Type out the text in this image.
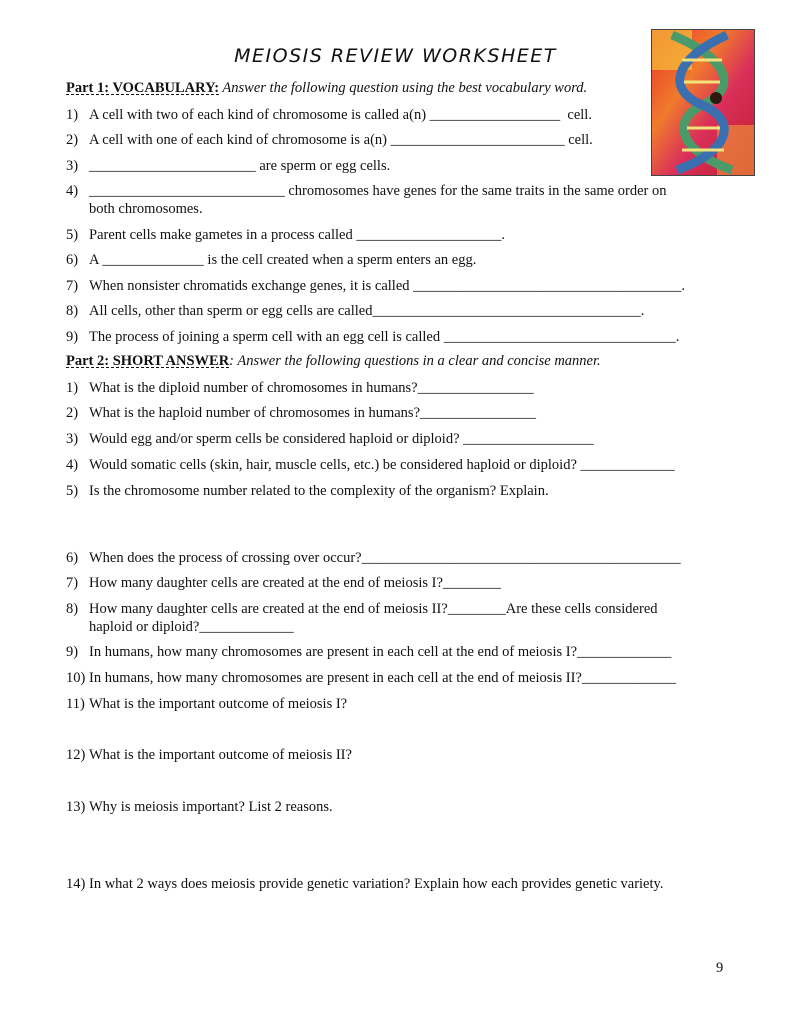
MEIOSIS REVIEW WORKSHEET
Part 1: VOCABULARY: Answer the following question using the best vocabulary word.
1) A cell with two of each kind of chromosome is called a(n) __________________  cell.
2) A cell with one of each kind of chromosome is a(n) ________________________ cell.
3) _______________________ are sperm or egg cells.
4) ___________________________ chromosomes have genes for the same traits in the same order on
both chromosomes.
5) Parent cells make gametes in a process called ____________________.
6) A ______________ is the cell created when a sperm enters an egg.
7) When nonsister chromatids exchange genes, it is called _____________________________________.
8) All cells, other than sperm or egg cells are called_____________________________________.
9) The process of joining a sperm cell with an egg cell is called ________________________________.
Part 2: SHORT ANSWER: Answer the following questions in a clear and concise manner.
1) What is the diploid number of chromosomes in humans?________________
2) What is the haploid number of chromosomes in humans?________________
3) Would egg and/or sperm cells be considered haploid or diploid? __________________
4) Would somatic cells (skin, hair, muscle cells, etc.) be considered haploid or diploid? _____________
5) Is the chromosome number related to the complexity of the organism? Explain.
6) When does the process of crossing over occur?____________________________________________
7) How many daughter cells are created at the end of meiosis I?________
8) How many daughter cells are created at the end of meiosis II?________Are these cells considered
haploid or diploid?_____________
9) In humans, how many chromosomes are present in each cell at the end of meiosis I?_____________
10) In humans, how many chromosomes are present in each cell at the end of meiosis II?_____________
11) What is the important outcome of meiosis I?
12) What is the important outcome of meiosis II?
13) Why is meiosis important? List 2 reasons.
14) In what 2 ways does meiosis provide genetic variation? Explain how each provides genetic variety.
9
